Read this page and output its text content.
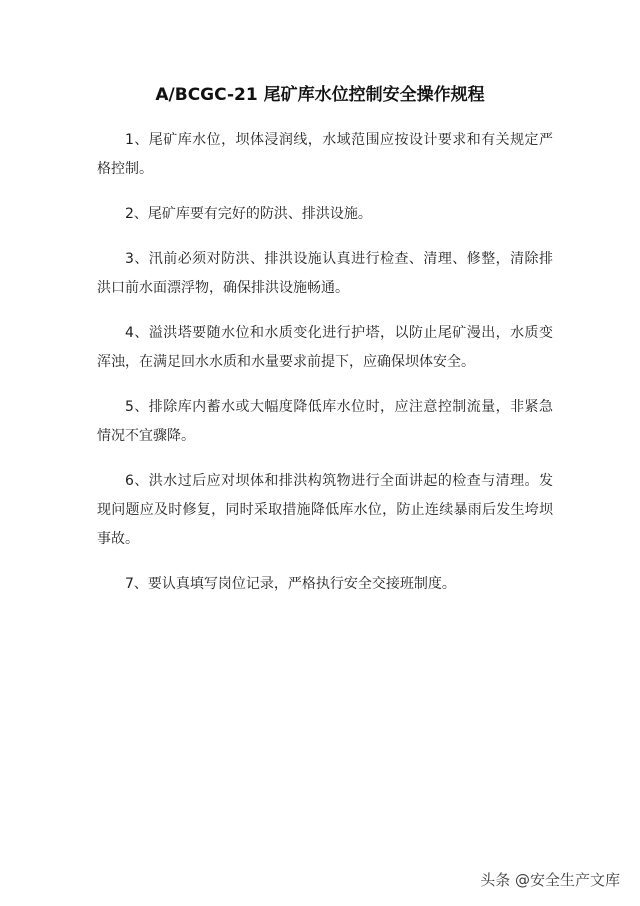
A/BCGC-21 尾矿库水位控制安全操作规程

1、尾矿库水位，坝体浸润线，水域范围应按设计要求和有关规定严格控制。

2、尾矿库要有完好的防洪、排洪设施。

3、汛前必须对防洪、排洪设施认真进行检查、清理、修整，清除排洪口前水面漂浮物，确保排洪设施畅通。

4、溢洪塔要随水位和水质变化进行护塔，以防止尾矿漫出，水质变浑浊，在满足回水水质和水量要求前提下，应确保坝体安全。

5、排除库内蓄水或大幅度降低库水位时，应注意控制流量，非紧急情况不宜骤降。

6、洪水过后应对坝体和排洪构筑物进行全面讲起的检查与清理。发现问题应及时修复，同时采取措施降低库水位，防止连续暴雨后发生垮坝事故。

7、要认真填写岗位记录，严格执行安全交接班制度。

头条 @安全生产文库
